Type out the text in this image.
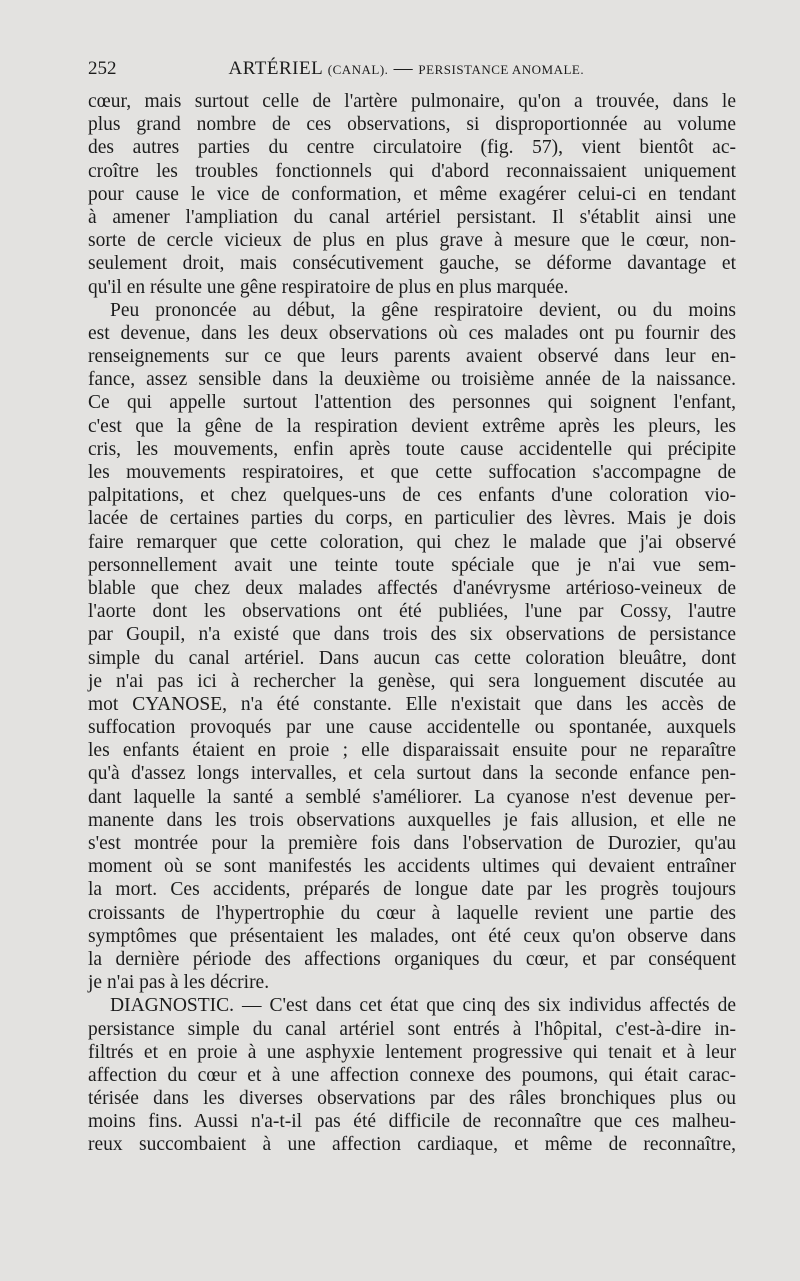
252	ARTÉRIEL (CANAL). — PERSISTANCE ANOMALE.
cœur, mais surtout celle de l'artère pulmonaire, qu'on a trouvée, dans le
plus grand nombre de ces observations, si disproportionnée au volume
des autres parties du centre circulatoire (fig. 57), vient bientôt ac-
croître les troubles fonctionnels qui d'abord reconnaissaient uniquement
pour cause le vice de conformation, et même exagérer celui-ci en tendant
à amener l'ampliation du canal artériel persistant. Il s'établit ainsi une
sorte de cercle vicieux de plus en plus grave à mesure que le cœur, non-
seulement droit, mais consécutivement gauche, se déforme davantage et
qu'il en résulte une gêne respiratoire de plus en plus marquée.
Peu prononcée au début, la gêne respiratoire devient, ou du moins
est devenue, dans les deux observations où ces malades ont pu fournir des
renseignements sur ce que leurs parents avaient observé dans leur en-
fance, assez sensible dans la deuxième ou troisième année de la naissance.
Ce qui appelle surtout l'attention des personnes qui soignent l'enfant,
c'est que la gêne de la respiration devient extrême après les pleurs, les
cris, les mouvements, enfin après toute cause accidentelle qui précipite
les mouvements respiratoires, et que cette suffocation s'accompagne de
palpitations, et chez quelques-uns de ces enfants d'une coloration vio-
lacée de certaines parties du corps, en particulier des lèvres. Mais je dois
faire remarquer que cette coloration, qui chez le malade que j'ai observé
personnellement avait une teinte toute spéciale que je n'ai vue sem-
blable que chez deux malades affectés d'anévrysme artérioso-veineux de
l'aorte dont les observations ont été publiées, l'une par Cossy, l'autre
par Goupil, n'a existé que dans trois des six observations de persistance
simple du canal artériel. Dans aucun cas cette coloration bleuâtre, dont
je n'ai pas ici à rechercher la genèse, qui sera longuement discutée au
mot CYANOSE, n'a été constante. Elle n'existait que dans les accès de
suffocation provoqués par une cause accidentelle ou spontanée, auxquels
les enfants étaient en proie ; elle disparaissait ensuite pour ne reparaître
qu'à d'assez longs intervalles, et cela surtout dans la seconde enfance pen-
dant laquelle la santé a semblé s'améliorer. La cyanose n'est devenue per-
manente dans les trois observations auxquelles je fais allusion, et elle ne
s'est montrée pour la première fois dans l'observation de Durozier, qu'au
moment où se sont manifestés les accidents ultimes qui devaient entraîner
la mort. Ces accidents, préparés de longue date par les progrès toujours
croissants de l'hypertrophie du cœur à laquelle revient une partie des
symptômes que présentaient les malades, ont été ceux qu'on observe dans
la dernière période des affections organiques du cœur, et par conséquent
je n'ai pas à les décrire.
DIAGNOSTIC. — C'est dans cet état que cinq des six individus affectés de
persistance simple du canal artériel sont entrés à l'hôpital, c'est-à-dire in-
filtrés et en proie à une asphyxie lentement progressive qui tenait et à leur
affection du cœur et à une affection connexe des poumons, qui était carac-
térisée dans les diverses observations par des râles bronchiques plus ou
moins fins. Aussi n'a-t-il pas été difficile de reconnaître que ces malheu-
reux succombaient à une affection cardiaque, et même de reconnaître,
